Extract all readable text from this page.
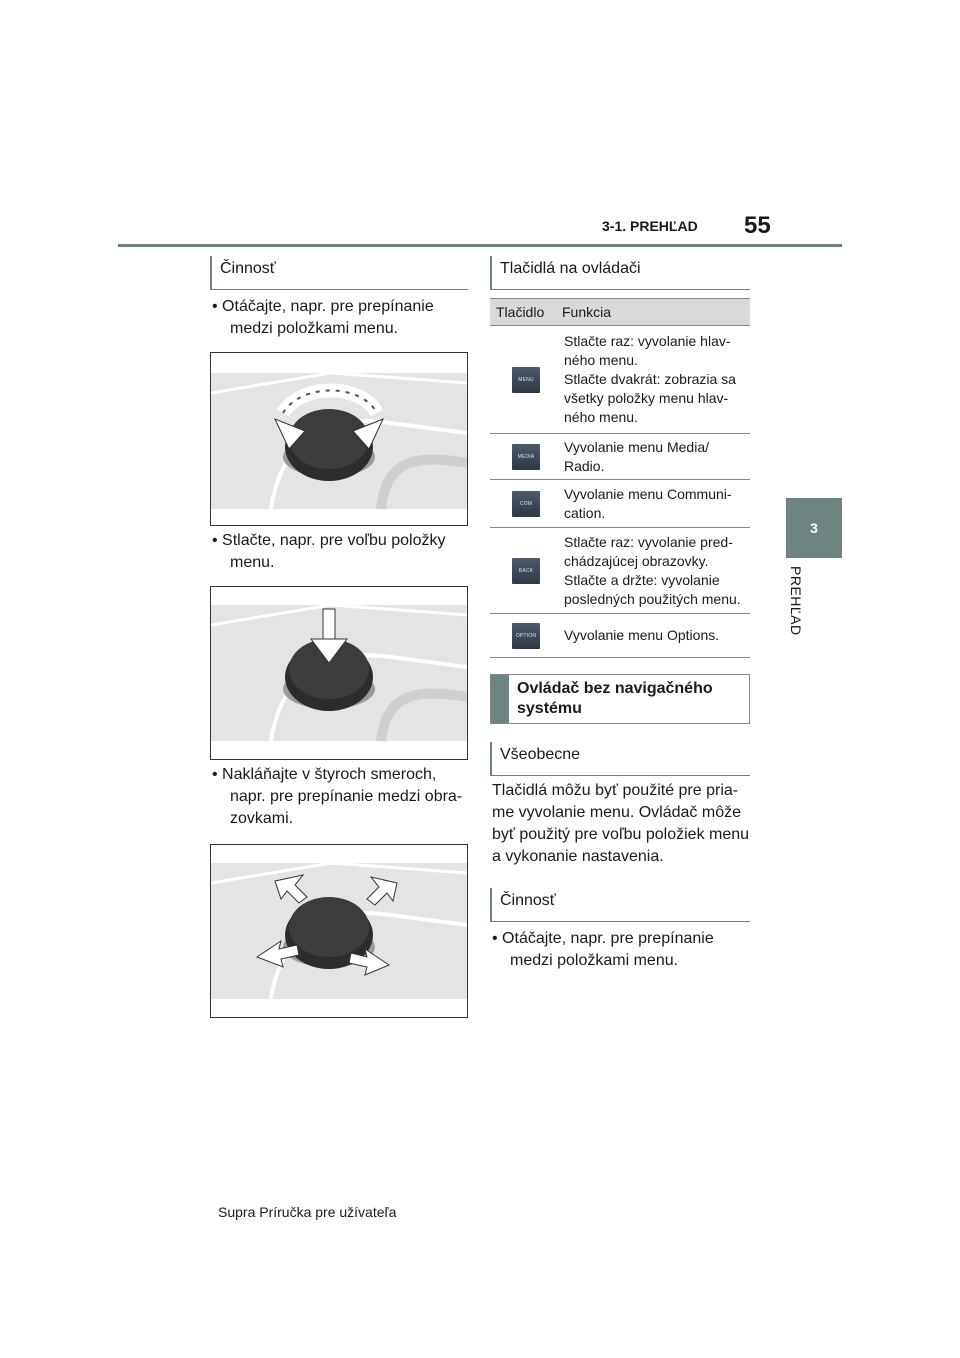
3-1. PREHĽAD 55
3
PREHĽAD
Činnosť
• Otáčajte, napr. pre prepínanie
medzi položkami menu.
• Stlačte, napr. pre voľbu položky
menu.
• Nakláňajte v štyroch smeroch,
napr. pre prepínanie medzi obra-
zovkami.
Tlačidlá na ovládači
Tlačidlo	Funkcia
MENU
Stlačte raz: vyvolanie hlav-
ného menu.
Stlačte dvakrát: zobrazia sa
všetky položky menu hlav-
ného menu.
MEDIA
Vyvolanie menu Media/
Radio.
COM
Vyvolanie menu Communi-
cation.
BACK
Stlačte raz: vyvolanie pred-
chádzajúcej obrazovky.
Stlačte a držte: vyvolanie
posledných použitých menu.
OPTION Vyvolanie menu Options.
Ovládač bez navigačného
systému
Všeobecne
Tlačidlá môžu byť použité pre pria-
me vyvolanie menu. Ovládač môže
byť použitý pre voľbu položiek menu
a vykonanie nastavenia.
Činnosť
• Otáčajte, napr. pre prepínanie
medzi položkami menu.
Supra Príručka pre užívateľa
